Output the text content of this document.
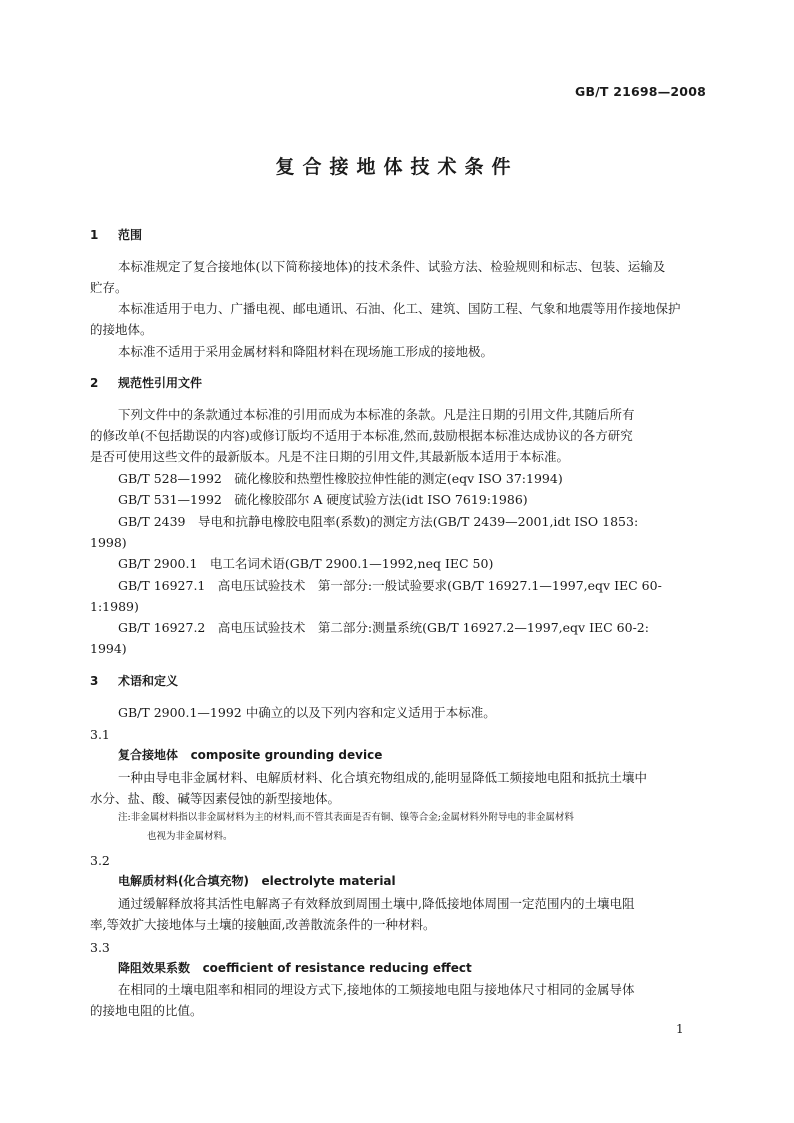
GB/T 21698—2008
复合接地体技术条件
1 范围
本标准规定了复合接地体(以下简称接地体)的技术条件、试验方法、检验规则和标志、包装、运输及
贮存。
本标准适用于电力、广播电视、邮电通讯、石油、化工、建筑、国防工程、气象和地震等用作接地保护
的接地体。
本标准不适用于采用金属材料和降阻材料在现场施工形成的接地极。
2 规范性引用文件
下列文件中的条款通过本标准的引用而成为本标准的条款。凡是注日期的引用文件,其随后所有
的修改单(不包括勘误的内容)或修订版均不适用于本标准,然而,鼓励根据本标准达成协议的各方研究
是否可使用这些文件的最新版本。凡是不注日期的引用文件,其最新版本适用于本标准。
GB/T 528—1992　硫化橡胶和热塑性橡胶拉伸性能的测定(eqv ISO 37:1994)
GB/T 531—1992　硫化橡胶邵尔 A 硬度试验方法(idt ISO 7619:1986)
GB/T 2439　导电和抗静电橡胶电阻率(系数)的测定方法(GB/T 2439—2001,idt ISO 1853:
1998)
GB/T 2900.1　电工名词术语(GB/T 2900.1—1992,neq IEC 50)
GB/T 16927.1　高电压试验技术　第一部分:一般试验要求(GB/T 16927.1—1997,eqv IEC 60-
1:1989)
GB/T 16927.2　高电压试验技术　第二部分:测量系统(GB/T 16927.2—1997,eqv IEC 60-2:
1994)
3 术语和定义
GB/T 2900.1—1992 中确立的以及下列内容和定义适用于本标准。
3.1
复合接地体 composite grounding device
一种由导电非金属材料、电解质材料、化合填充物组成的,能明显降低工频接地电阻和抵抗土壤中
水分、盐、酸、碱等因素侵蚀的新型接地体。
注:非金属材料指以非金属材料为主的材料,而不管其表面是否有铜、镍等合金;金属材料外附导电的非金属材料
也视为非金属材料。
3.2
电解质材料(化合填充物) electrolyte material
通过缓解释放将其活性电解离子有效释放到周围土壤中,降低接地体周围一定范围内的土壤电阻
率,等效扩大接地体与土壤的接触面,改善散流条件的一种材料。
3.3
降阻效果系数 coefficient of resistance reducing effect
在相同的土壤电阻率和相同的埋设方式下,接地体的工频接地电阻与接地体尺寸相同的金属导体
的接地电阻的比值。
1
